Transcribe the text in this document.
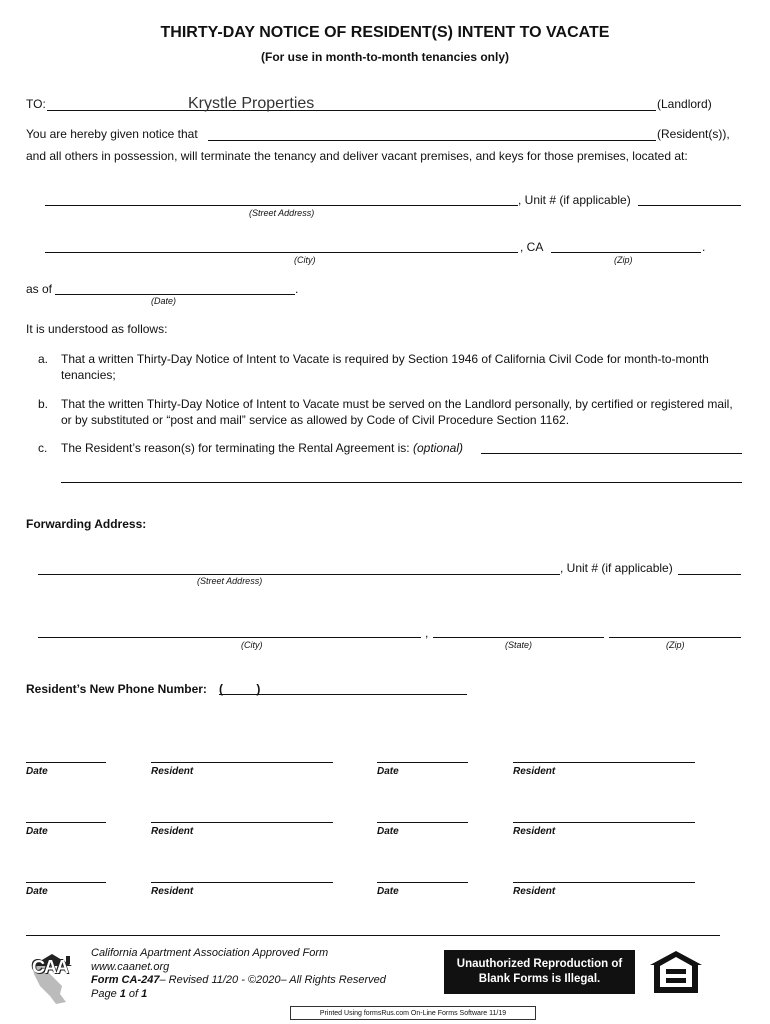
THIRTY-DAY NOTICE OF RESIDENT(S) INTENT TO VACATE
(For use in month-to-month tenancies only)
TO:
Krystle Properties	(Landlord)
You are hereby given notice that	(Resident(s)),
and all others in possession, will terminate the tenancy and deliver vacant premises, and keys for those premises, located at:
, Unit # (if applicable)
(Street Address)
, CA	.
(City)	(Zip)
as of	.
(Date)
It is understood as follows:
a. That a written Thirty-Day Notice of Intent to Vacate is required by Section 1946 of California Civil Code for month-to-month tenancies;
b. That the written Thirty-Day Notice of Intent to Vacate must be served on the Landlord personally, by certified or registered mail, or by substituted or “post and mail” service as allowed by Code of Civil Procedure Section 1162.
c. The Resident’s reason(s) for terminating the Rental Agreement is: (optional)
Forwarding Address:
, Unit # (if applicable)
(Street Address)
,
(City)	(State)	(Zip)
Resident’s New Phone Number: (          )
Date	Resident	Date	Resident
Date	Resident	Date	Resident
Date	Resident	Date	Resident
CAA
California Apartment Association Approved Form
www.caanet.org
Form CA-247– Revised 11/20 - ©2020– All Rights Reserved
Page 1 of 1
Unauthorized Reproduction of
Blank Forms is Illegal.
Printed Using formsRus.com On-Line Forms Software 11/19
